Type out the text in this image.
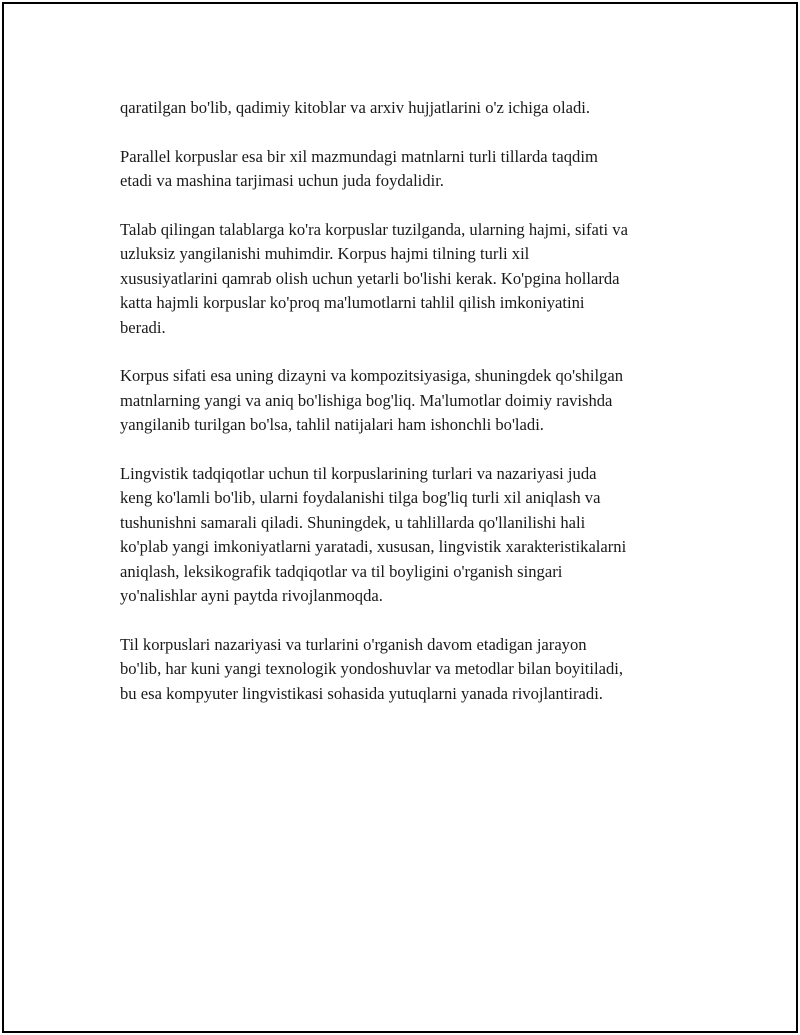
qaratilgan bo'lib, qadimiy kitoblar va arxiv hujjatlarini o'z ichiga oladi.

Parallel korpuslar esa bir xil mazmundagi matnlarni turli tillarda taqdim
etadi va mashina tarjimasi uchun juda foydalidir.

Talab qilingan talablarga ko'ra korpuslar tuzilganda, ularning hajmi, sifati va
uzluksiz yangilanishi muhimdir. Korpus hajmi tilning turli xil
xususiyatlarini qamrab olish uchun yetarli bo'lishi kerak. Ko'pgina hollarda
katta hajmli korpuslar ko'proq ma'lumotlarni tahlil qilish imkoniyatini
beradi.

Korpus sifati esa uning dizayni va kompozitsiyasiga, shuningdek qo'shilgan
matnlarning yangi va aniq bo'lishiga bog'liq. Ma'lumotlar doimiy ravishda
yangilanib turilgan bo'lsa, tahlil natijalari ham ishonchli bo'ladi.

Lingvistik tadqiqotlar uchun til korpuslarining turlari va nazariyasi juda
keng ko'lamli bo'lib, ularni foydalanishi tilga bog'liq turli xil aniqlash va
tushunishni samarali qiladi. Shuningdek, u tahlillarda qo'llanilishi hali
ko'plab yangi imkoniyatlarni yaratadi, xususan, lingvistik xarakteristikalarni
aniqlash, leksikografik tadqiqotlar va til boyligini o'rganish singari
yo'nalishlar ayni paytda rivojlanmoqda.

Til korpuslari nazariyasi va turlarini o'rganish davom etadigan jarayon
bo'lib, har kuni yangi texnologik yondoshuvlar va metodlar bilan boyitiladi,
bu esa kompyuter lingvistikasi sohasida yutuqlarni yanada rivojlantiradi.
